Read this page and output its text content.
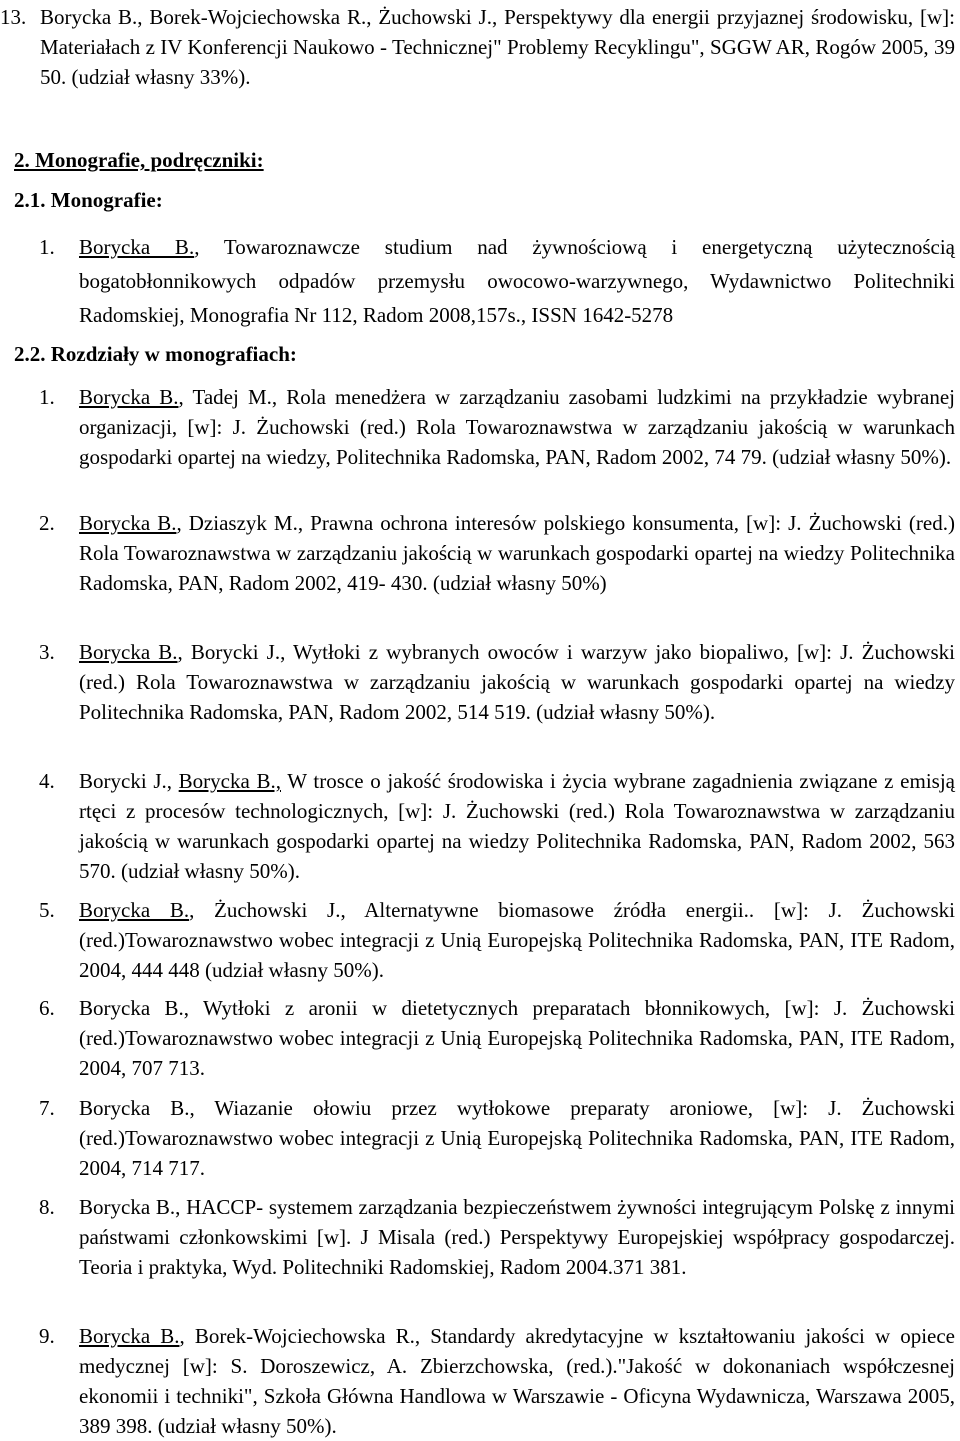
13. Borycka B., Borek-Wojciechowska R., Żuchowski J., Perspektywy dla energii przyjaznej środowisku, [w]: Materiałach z IV Konferencji Naukowo - Technicznej" Problemy Recyklingu", SGGW AR, Rogów 2005, 39 50. (udział własny 33%).
2. Monografie, podręczniki:
2.1. Monografie:
1. Borycka B., Towaroznawcze studium nad żywnościową i energetyczną użytecznością bogatobłonnikowych odpadów przemysłu owocowo-warzywnego, Wydawnictwo Politechniki Radomskiej, Monografia Nr 112, Radom 2008,157s., ISSN 1642-5278
2.2. Rozdziały w monografiach:
1. Borycka B., Tadej M., Rola menedżera w zarządzaniu zasobami ludzkimi na przykładzie wybranej organizacji, [w]: J. Żuchowski (red.) Rola Towaroznawstwa w zarządzaniu jakością w warunkach gospodarki opartej na wiedzy, Politechnika Radomska, PAN, Radom 2002, 74 79. (udział własny 50%).
2. Borycka B., Dziaszyk M., Prawna ochrona interesów polskiego konsumenta, [w]: J. Żuchowski (red.) Rola Towaroznawstwa w zarządzaniu jakością w warunkach gospodarki opartej na wiedzy Politechnika Radomska, PAN, Radom 2002, 419- 430. (udział własny 50%)
3. Borycka B., Borycki J., Wytłoki z wybranych owoców i warzyw jako biopaliwo, [w]: J. Żuchowski (red.) Rola Towaroznawstwa w zarządzaniu jakością w warunkach gospodarki opartej na wiedzy Politechnika Radomska, PAN, Radom 2002, 514 519. (udział własny 50%).
4. Borycki J., Borycka B., W trosce o jakość środowiska i życia wybrane zagadnienia związane z emisją rtęci z procesów technologicznych, [w]: J. Żuchowski (red.) Rola Towaroznawstwa w zarządzaniu jakością w warunkach gospodarki opartej na wiedzy Politechnika Radomska, PAN, Radom 2002, 563 570. (udział własny 50%).
5. Borycka B., Żuchowski J., Alternatywne biomasowe źródła energii.. [w]: J. Żuchowski (red.)Towaroznawstwo wobec integracji z Unią Europejską Politechnika Radomska, PAN, ITE Radom, 2004, 444 448 (udział własny 50%).
6. Borycka B., Wytłoki z aronii w dietetycznych preparatach błonnikowych, [w]: J. Żuchowski (red.)Towaroznawstwo wobec integracji z Unią Europejską Politechnika Radomska, PAN, ITE Radom, 2004, 707 713.
7. Borycka B., Wiazanie ołowiu przez wytłokowe preparaty aroniowe, [w]: J. Żuchowski (red.)Towaroznawstwo wobec integracji z Unią Europejską Politechnika Radomska, PAN, ITE Radom, 2004, 714 717.
8. Borycka B., HACCP- systemem zarządzania bezpieczeństwem żywności integrującym Polskę z innymi państwami członkowskimi [w]. J Misala (red.) Perspektywy Europejskiej współpracy gospodarczej. Teoria i praktyka, Wyd. Politechniki Radomskiej, Radom 2004.371 381.
9. Borycka B., Borek-Wojciechowska R., Standardy akredytacyjne w kształtowaniu jakości w opiece medycznej [w]: S. Doroszewicz, A. Zbierzchowska, (red.)."Jakość w dokonaniach współczesnej ekonomii i techniki", Szkoła Główna Handlowa w Warszawie - Oficyna Wydawnicza, Warszawa 2005, 389 398. (udział własny 50%).
